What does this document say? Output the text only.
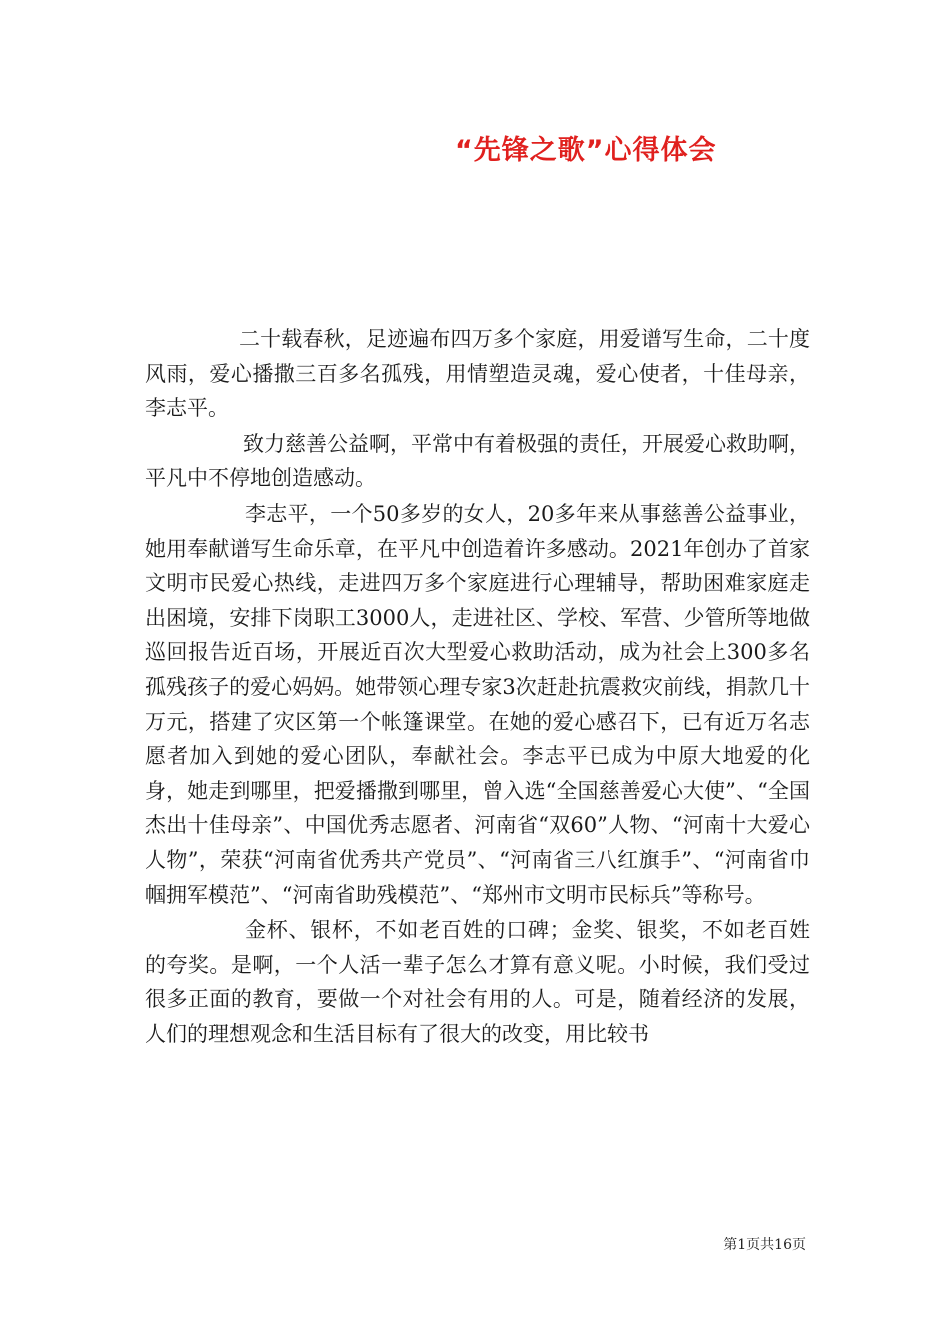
“先锋之歌”心得体会

二十载春秋，足迹遍布四万多个家庭，用爱谱写生命，二十度风雨，爱心播撒三百多名孤残，用情塑造灵魂，爱心使者，十佳母亲，李志平。

致力慈善公益啊，平常中有着极强的责任，开展爱心救助啊，平凡中不停地创造感动。

李志平，一个50多岁的女人，20多年来从事慈善公益事业，她用奉献谱写生命乐章，在平凡中创造着许多感动。2021年创办了首家文明市民爱心热线，走进四万多个家庭进行心理辅导，帮助困难家庭走出困境，安排下岗职工3000人，走进社区、学校、军营、少管所等地做巡回报告近百场，开展近百次大型爱心救助活动，成为社会上300多名孤残孩子的爱心妈妈。她带领心理专家3次赶赴抗震救灾前线，捐款几十万元，搭建了灾区第一个帐篷课堂。在她的爱心感召下，已有近万名志愿者加入到她的爱心团队，奉献社会。李志平已成为中原大地爱的化身，她走到哪里，把爱播撒到哪里，曾入选“全国慈善爱心大使”、“全国杰出十佳母亲”、中国优秀志愿者、河南省“双60”人物、“河南十大爱心人物”，荣获“河南省优秀共产党员”、“河南省三八红旗手”、“河南省巾帼拥军模范”、“河南省助残模范”、“郑州市文明市民标兵”等称号。

金杯、银杯，不如老百姓的口碑；金奖、银奖，不如老百姓的夸奖。是啊，一个人活一辈子怎么才算有意义呢。小时候，我们受过很多正面的教育，要做一个对社会有用的人。可是，随着经济的发展，人们的理想观念和生活目标有了很大的改变，用比较书

第1页共16页
